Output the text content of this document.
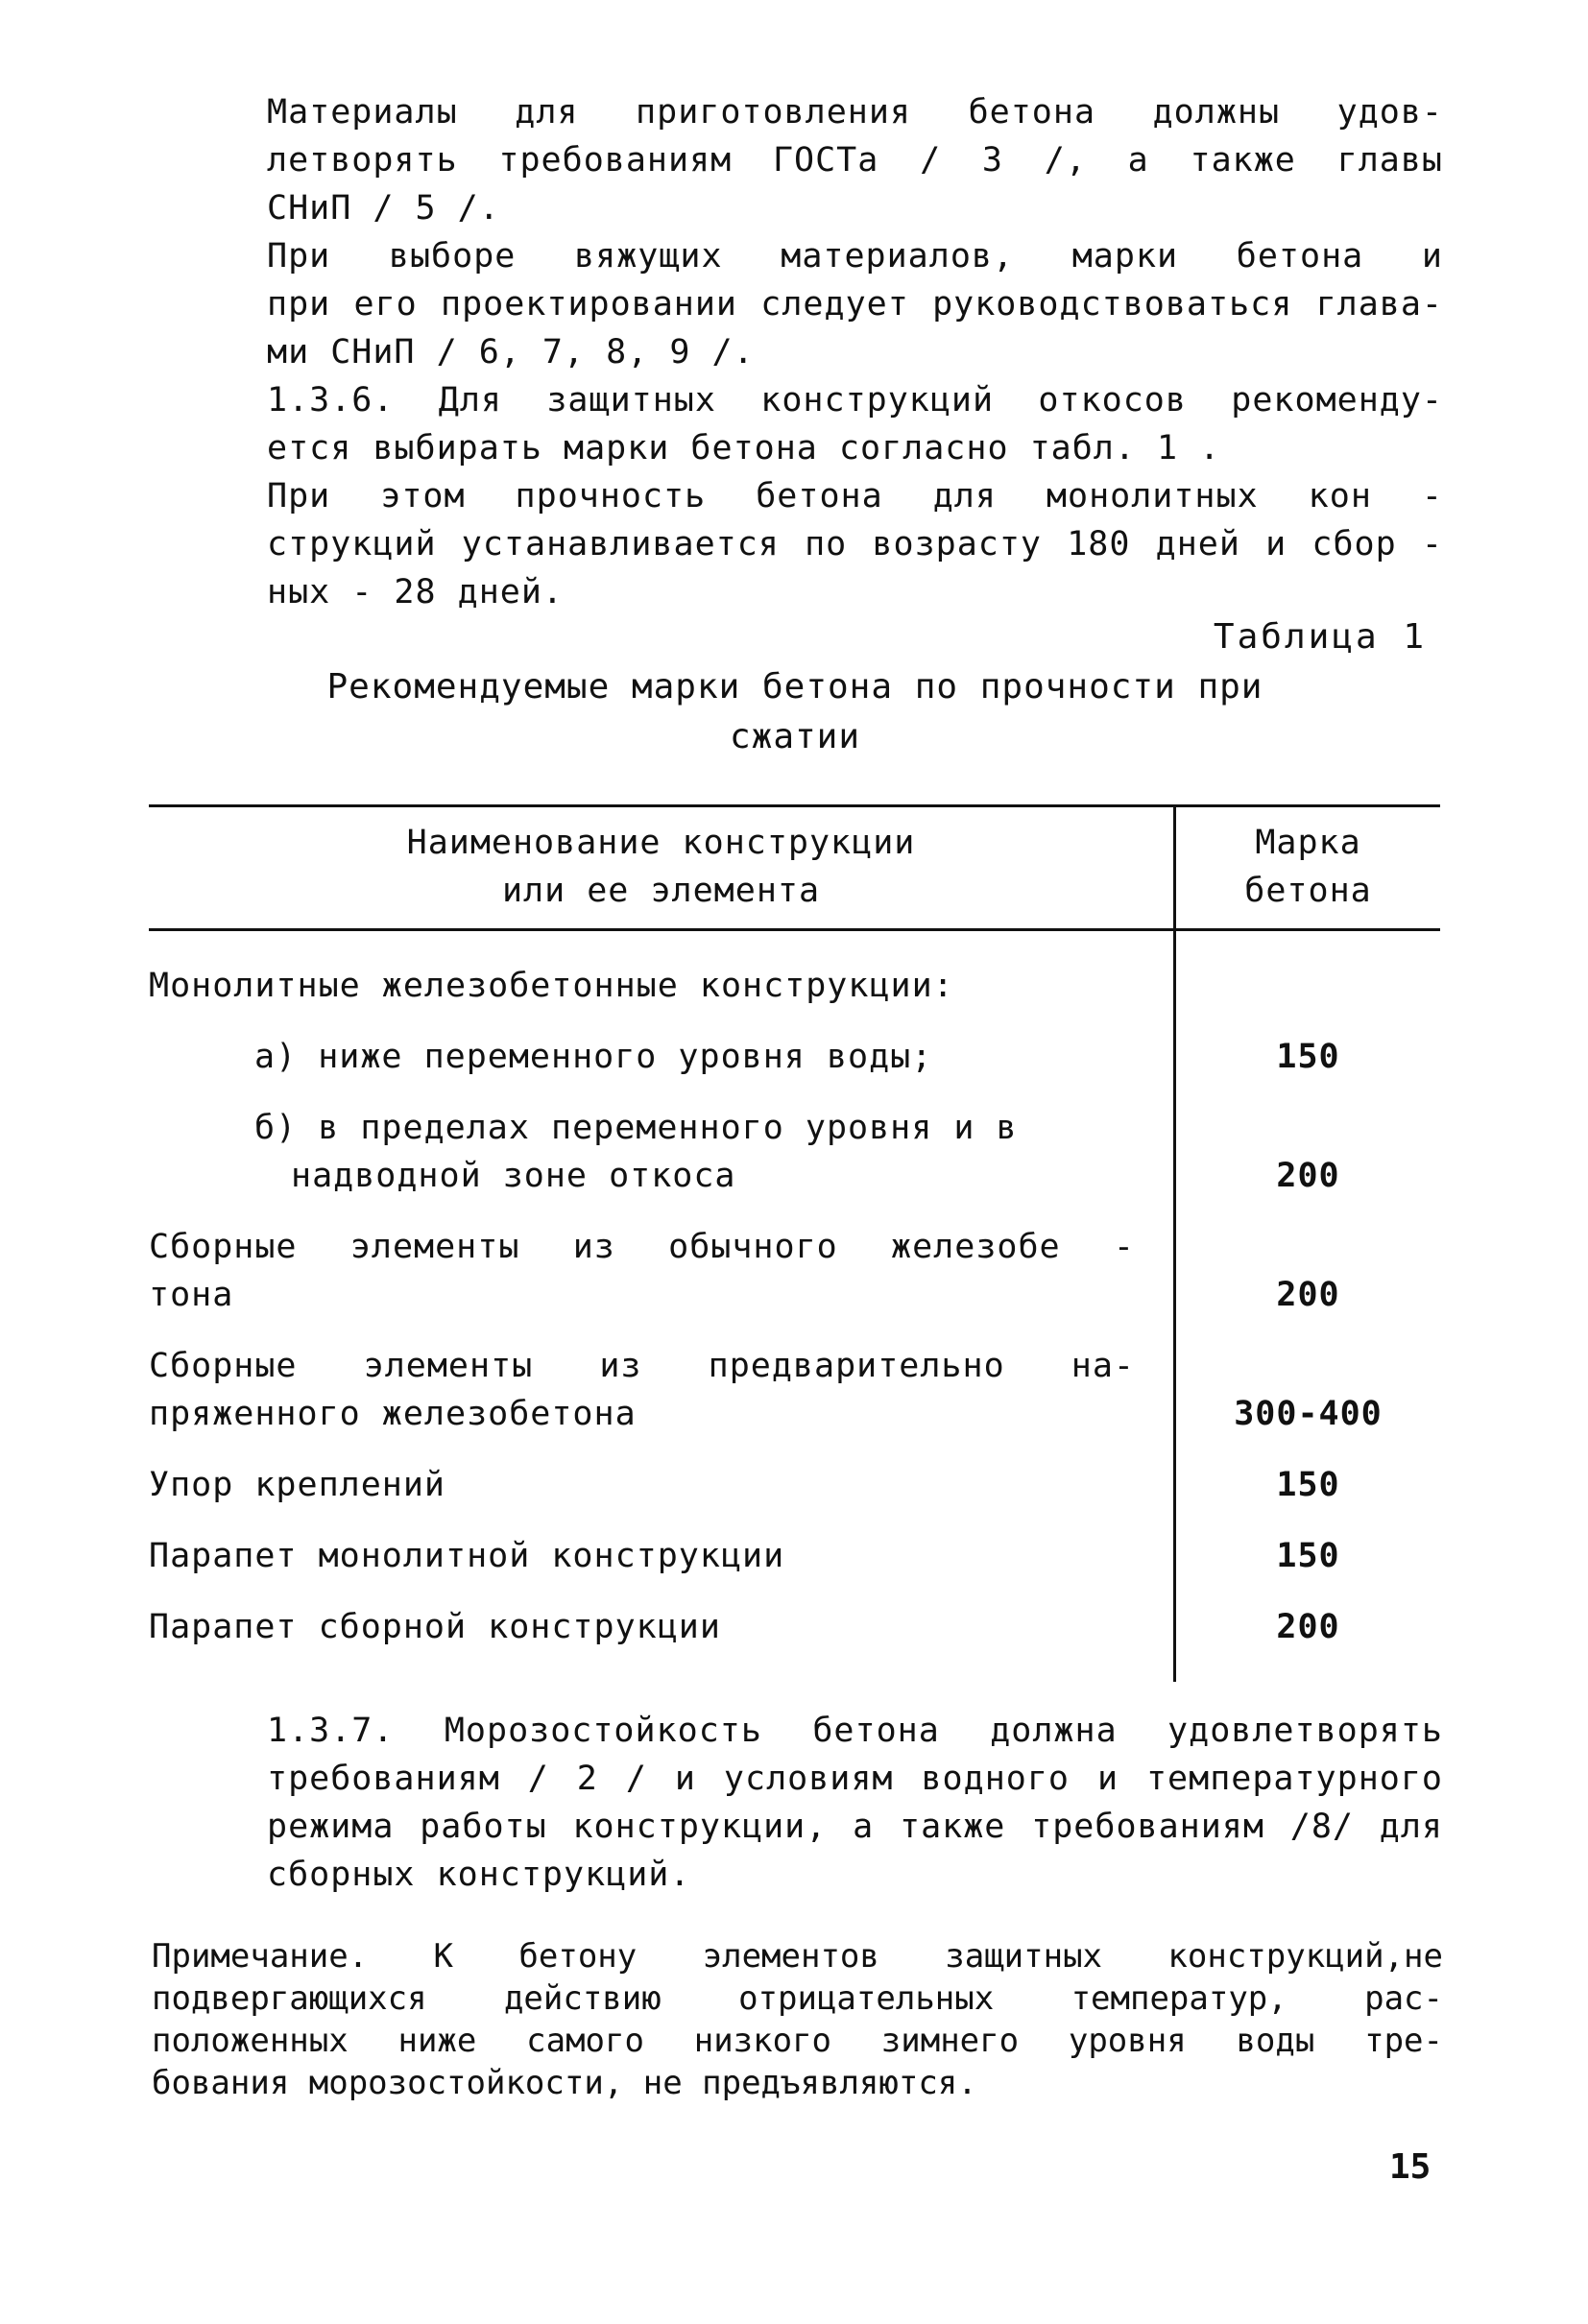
Материалы для приготовления бетона должны удов-
летворять требованиям ГОСТа / 3 /, а также главы
СНиП / 5 /.

При выборе вяжущих материалов, марки бетона и
при его проектировании следует руководствоваться глава-
ми СНиП / 6, 7, 8, 9 /.

1.3.6. Для защитных конструкций откосов рекоменду-
ется выбирать марки бетона согласно табл. 1 .

При этом прочность бетона для монолитных кон -
струкций устанавливается по возрасту 180 дней и сбор -
ных - 28 дней.

Таблица 1
Рекомендуемые марки бетона по прочности при
сжатии
Наименование конструкции
или ее элемента	Марка
бетона

Монолитные железобетонные конструкции:	

а) ниже переменного уровня воды;	150

б) в пределах переменного уровня и в
надводной зоне откоса	200

Сборные элементы из обычного железобе -
тона	200

Сборные элементы из предварительно на-
пряженного железобетона	300-400

Упор креплений	150

Парапет монолитной конструкции	150

Парапет сборной конструкции	200

1.3.7. Морозостойкость бетона должна удовлетворять
требованиям / 2 / и условиям водного и температурного
режима работы конструкции, а также требованиям /8/ для
сборных конструкций.

Примечание. К бетону элементов защитных конструкций,не
подвергающихся действию отрицательных температур, рас-
положенных ниже самого низкого зимнего уровня воды тре-
бования морозостойкости, не предъявляются.
15
